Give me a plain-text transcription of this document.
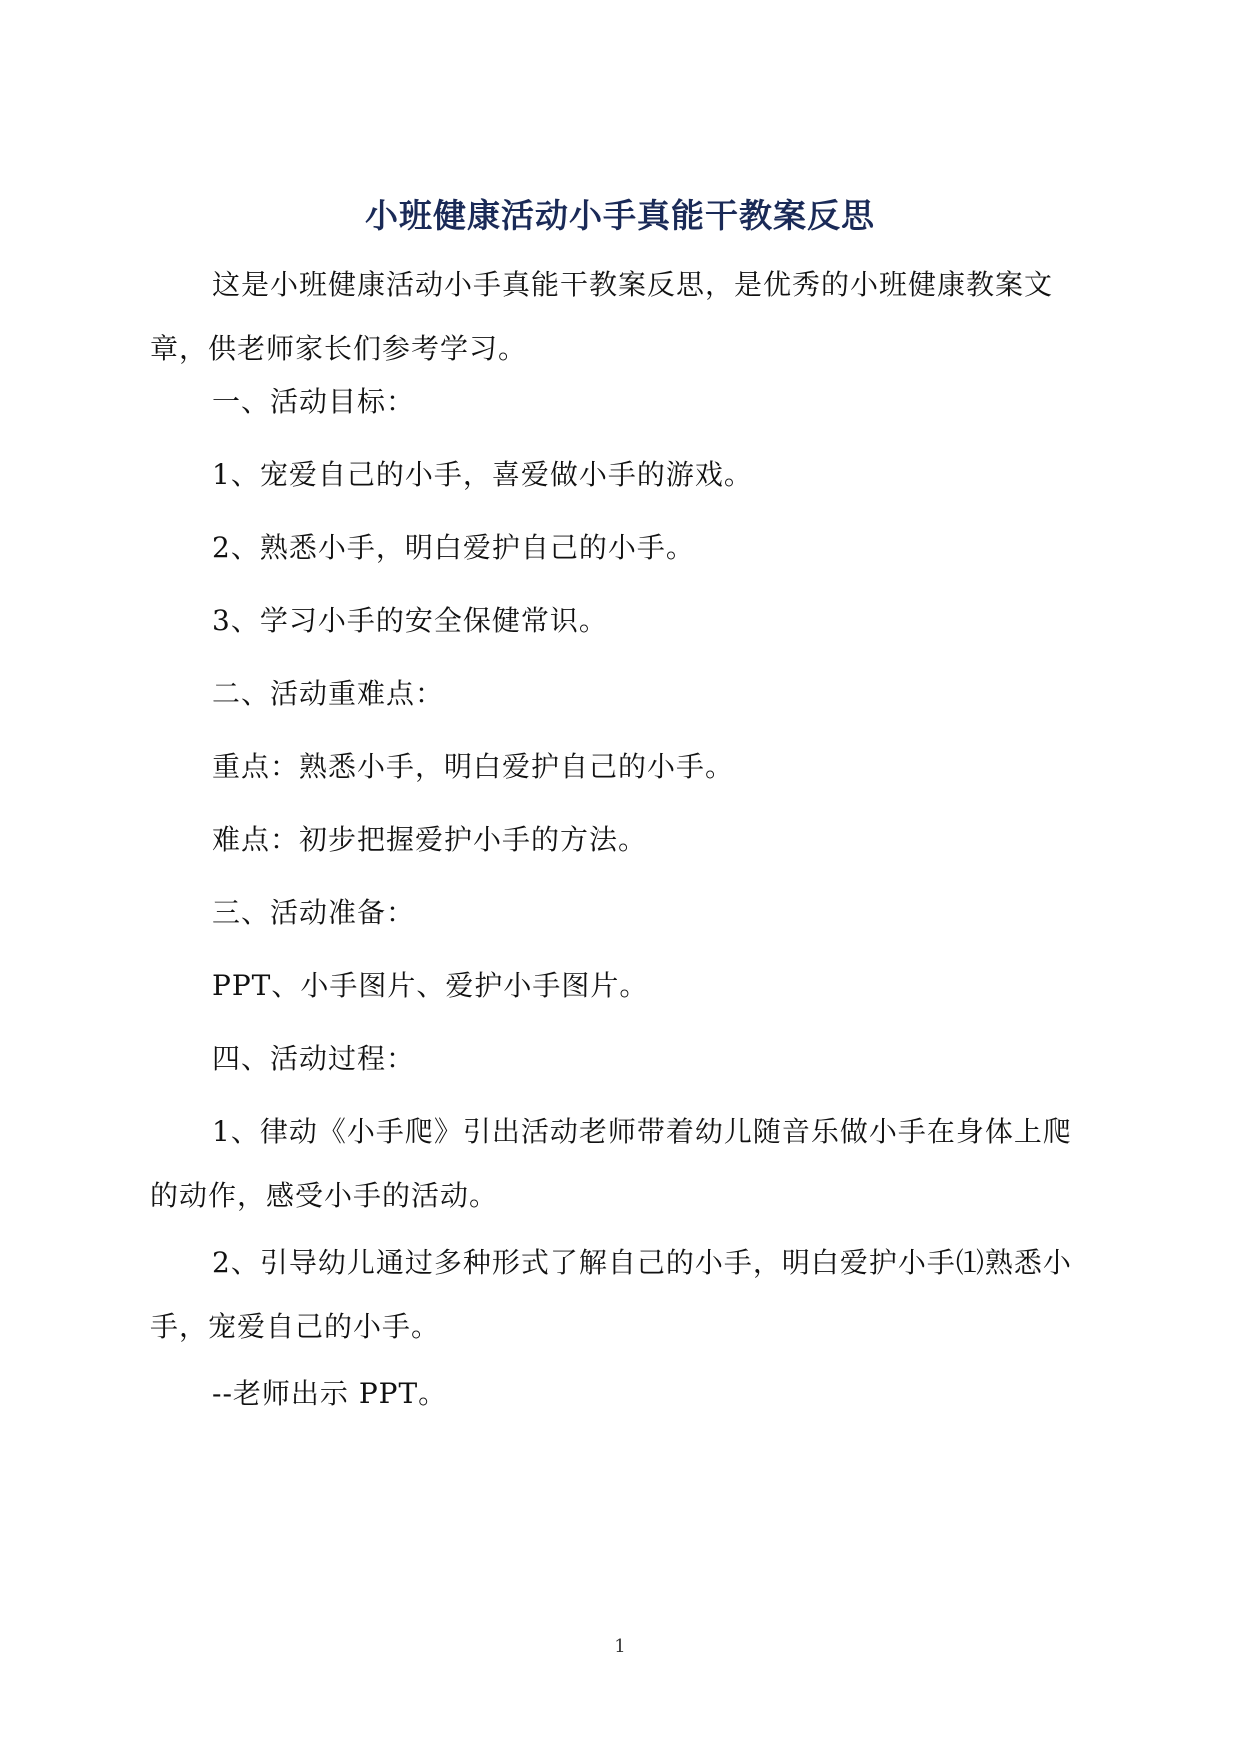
小班健康活动小手真能干教案反思

这是小班健康活动小手真能干教案反思，是优秀的小班健康教案文章，供老师家长们参考学习。

一、活动目标：

1、宠爱自己的小手，喜爱做小手的游戏。

2、熟悉小手，明白爱护自己的小手。

3、学习小手的安全保健常识。

二、活动重难点：

重点：熟悉小手，明白爱护自己的小手。

难点：初步把握爱护小手的方法。

三、活动准备：

PPT、小手图片、爱护小手图片。

四、活动过程：

1、律动《小手爬》引出活动老师带着幼儿随音乐做小手在身体上爬的动作，感受小手的活动。

2、引导幼儿通过多种形式了解自己的小手，明白爱护小手⑴熟悉小手，宠爱自己的小手。

--老师出示 PPT。

1
